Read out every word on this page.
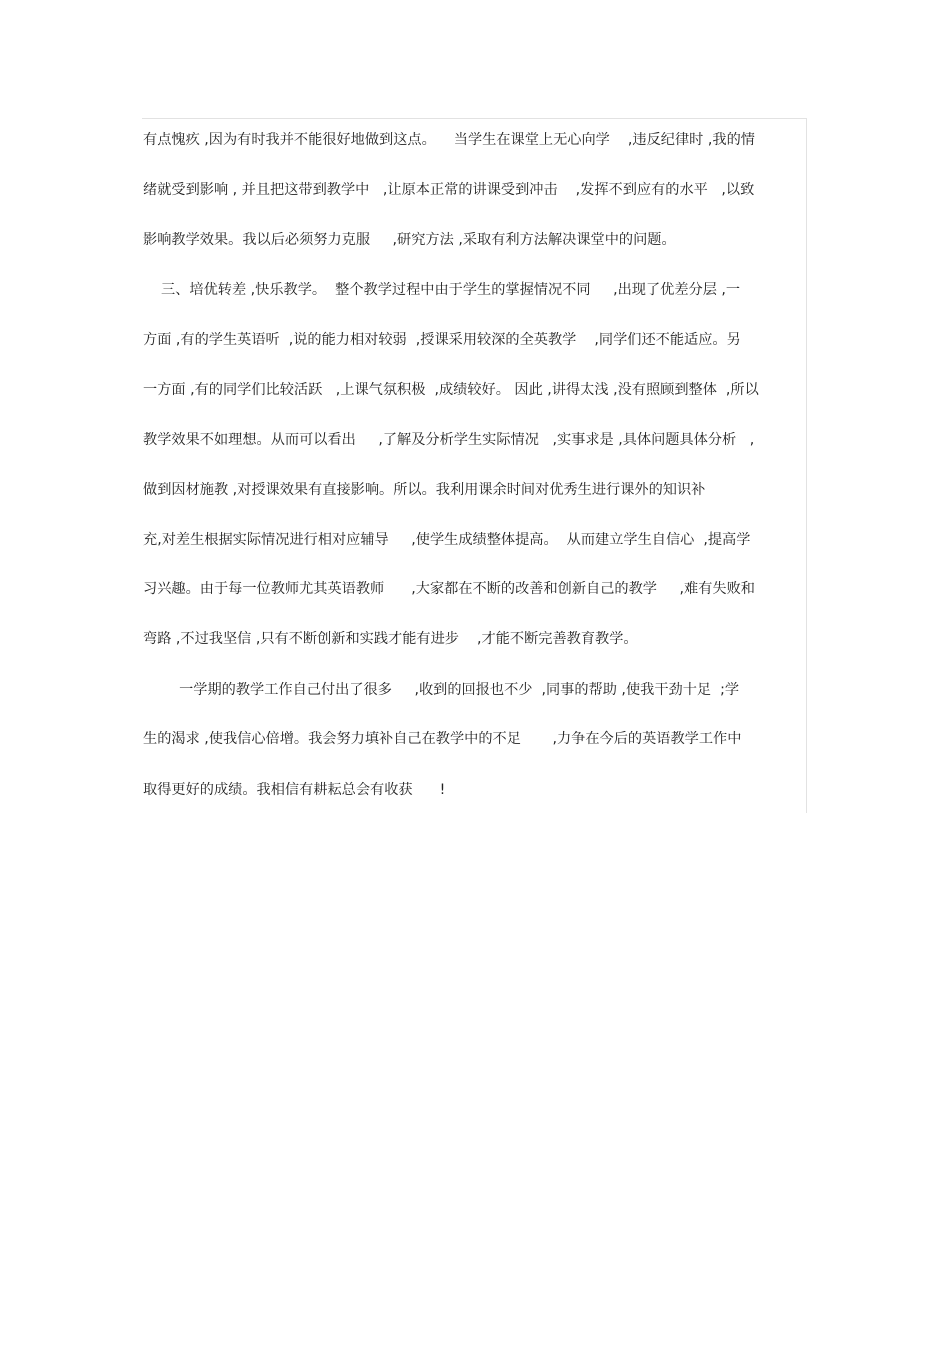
有点愧疚 ,因为有时我并不能很好地做到这点。    当学生在课堂上无心向学    ,违反纪律时 ,我的情
绪就受到影响 , 并且把这带到教学中   ,让原本正常的讲课受到冲击    ,发挥不到应有的水平   ,以致
影响教学效果。我以后必须努力克服     ,研究方法 ,采取有利方法解决课堂中的问题。
三、培优转差 ,快乐教学。  整个教学过程中由于学生的掌握情况不同     ,出现了优差分层 ,一
方面 ,有的学生英语听  ,说的能力相对较弱  ,授课采用较深的全英教学    ,同学们还不能适应。另
一方面 ,有的同学们比较活跃   ,上课气氛积极  ,成绩较好。 因此 ,讲得太浅 ,没有照顾到整体  ,所以
教学效果不如理想。从而可以看出     ,了解及分析学生实际情况   ,实事求是 ,具体问题具体分析   ,
做到因材施教 ,对授课效果有直接影响。所以。我利用课余时间对优秀生进行课外的知识补
充,对差生根据实际情况进行相对应辅导     ,使学生成绩整体提高。  从而建立学生自信心  ,提高学
习兴趣。由于每一位教师尤其英语教师      ,大家都在不断的改善和创新自己的教学     ,难有失败和
弯路 ,不过我坚信 ,只有不断创新和实践才能有进步    ,才能不断完善教育教学。
一学期的教学工作自己付出了很多     ,收到的回报也不少  ,同事的帮助 ,使我干劲十足  ;学
生的渴求 ,使我信心倍增。我会努力填补自己在教学中的不足       ,力争在今后的英语教学工作中
取得更好的成绩。我相信有耕耘总会有收获      !
